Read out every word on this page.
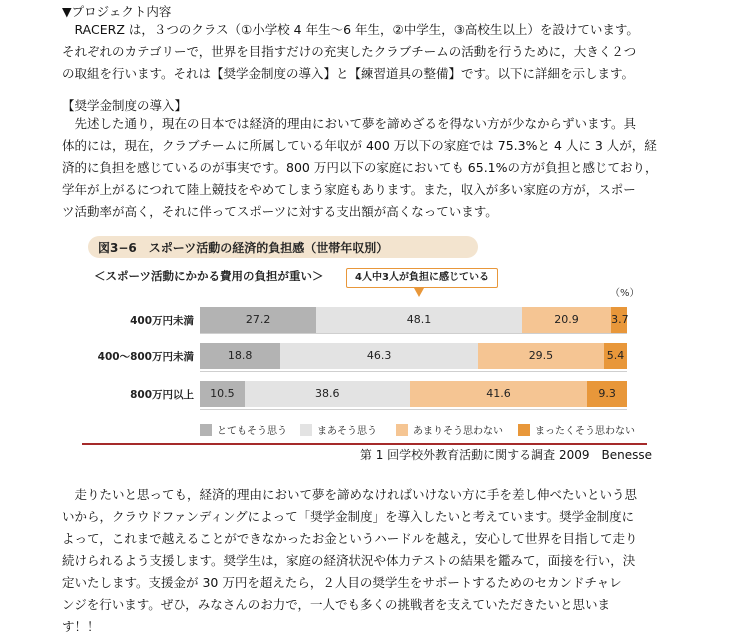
▼プロジェクト内容
　RACERZ は，３つのクラス（①小学校 4 年生〜6 年生，②中学生，③高校生以上）を設けています。
それぞれのカテゴリーで，世界を目指すだけの充実したクラブチームの活動を行うために，大きく２つ
の取組を行います。それは【奨学金制度の導入】と【練習道具の整備】です。以下に詳細を示します。
【奨学金制度の導入】
　先述した通り，現在の日本では経済的理由において夢を諦めざるを得ない方が少なからずいます。具
体的には，現在，クラブチームに所属している年収が 400 万以下の家庭では 75.3%と 4 人に 3 人が，経
済的に負担を感じているのが事実です。800 万円以下の家庭においても 65.1%の方が負担と感じており，
学年が上がるにつれて陸上競技をやめてしまう家庭もあります。また，収入が多い家庭の方が，スポー
ツ活動率が高く，それに伴ってスポーツに対する支出額が高くなっています。
図3−6　スポーツ活動の経済的負担感（世帯年収別）
＜スポーツ活動にかかる費用の負担が重い＞	4人中3人が負担に感じている
（%）
400万円未満	27.2	48.1	20.9	3.7
400〜800万円未満	18.8	46.3	29.5	5.4
800万円以上	10.5	38.6	41.6	9.3
とてもそう思う	まあそう思う	あまりそう思わない	まったくそう思わない
第 1 回学校外教育活動に関する調査 2009　Benesse
　走りたいと思っても，経済的理由において夢を諦めなければいけない方に手を差し伸べたいという思
いから，クラウドファンディングによって「奨学金制度」を導入したいと考えています。奨学金制度に
よって，これまで越えることができなかったお金というハードルを越え，安心して世界を目指して走り
続けられるよう支援します。奨学生は，家庭の経済状況や体力テストの結果を鑑みて，面接を行い，決
定いたします。支援金が 30 万円を超えたら，２人目の奨学生をサポートするためのセカンドチャレ
ンジを行います。ぜひ，みなさんのお力で，一人でも多くの挑戦者を支えていただきたいと思いま
す！！
